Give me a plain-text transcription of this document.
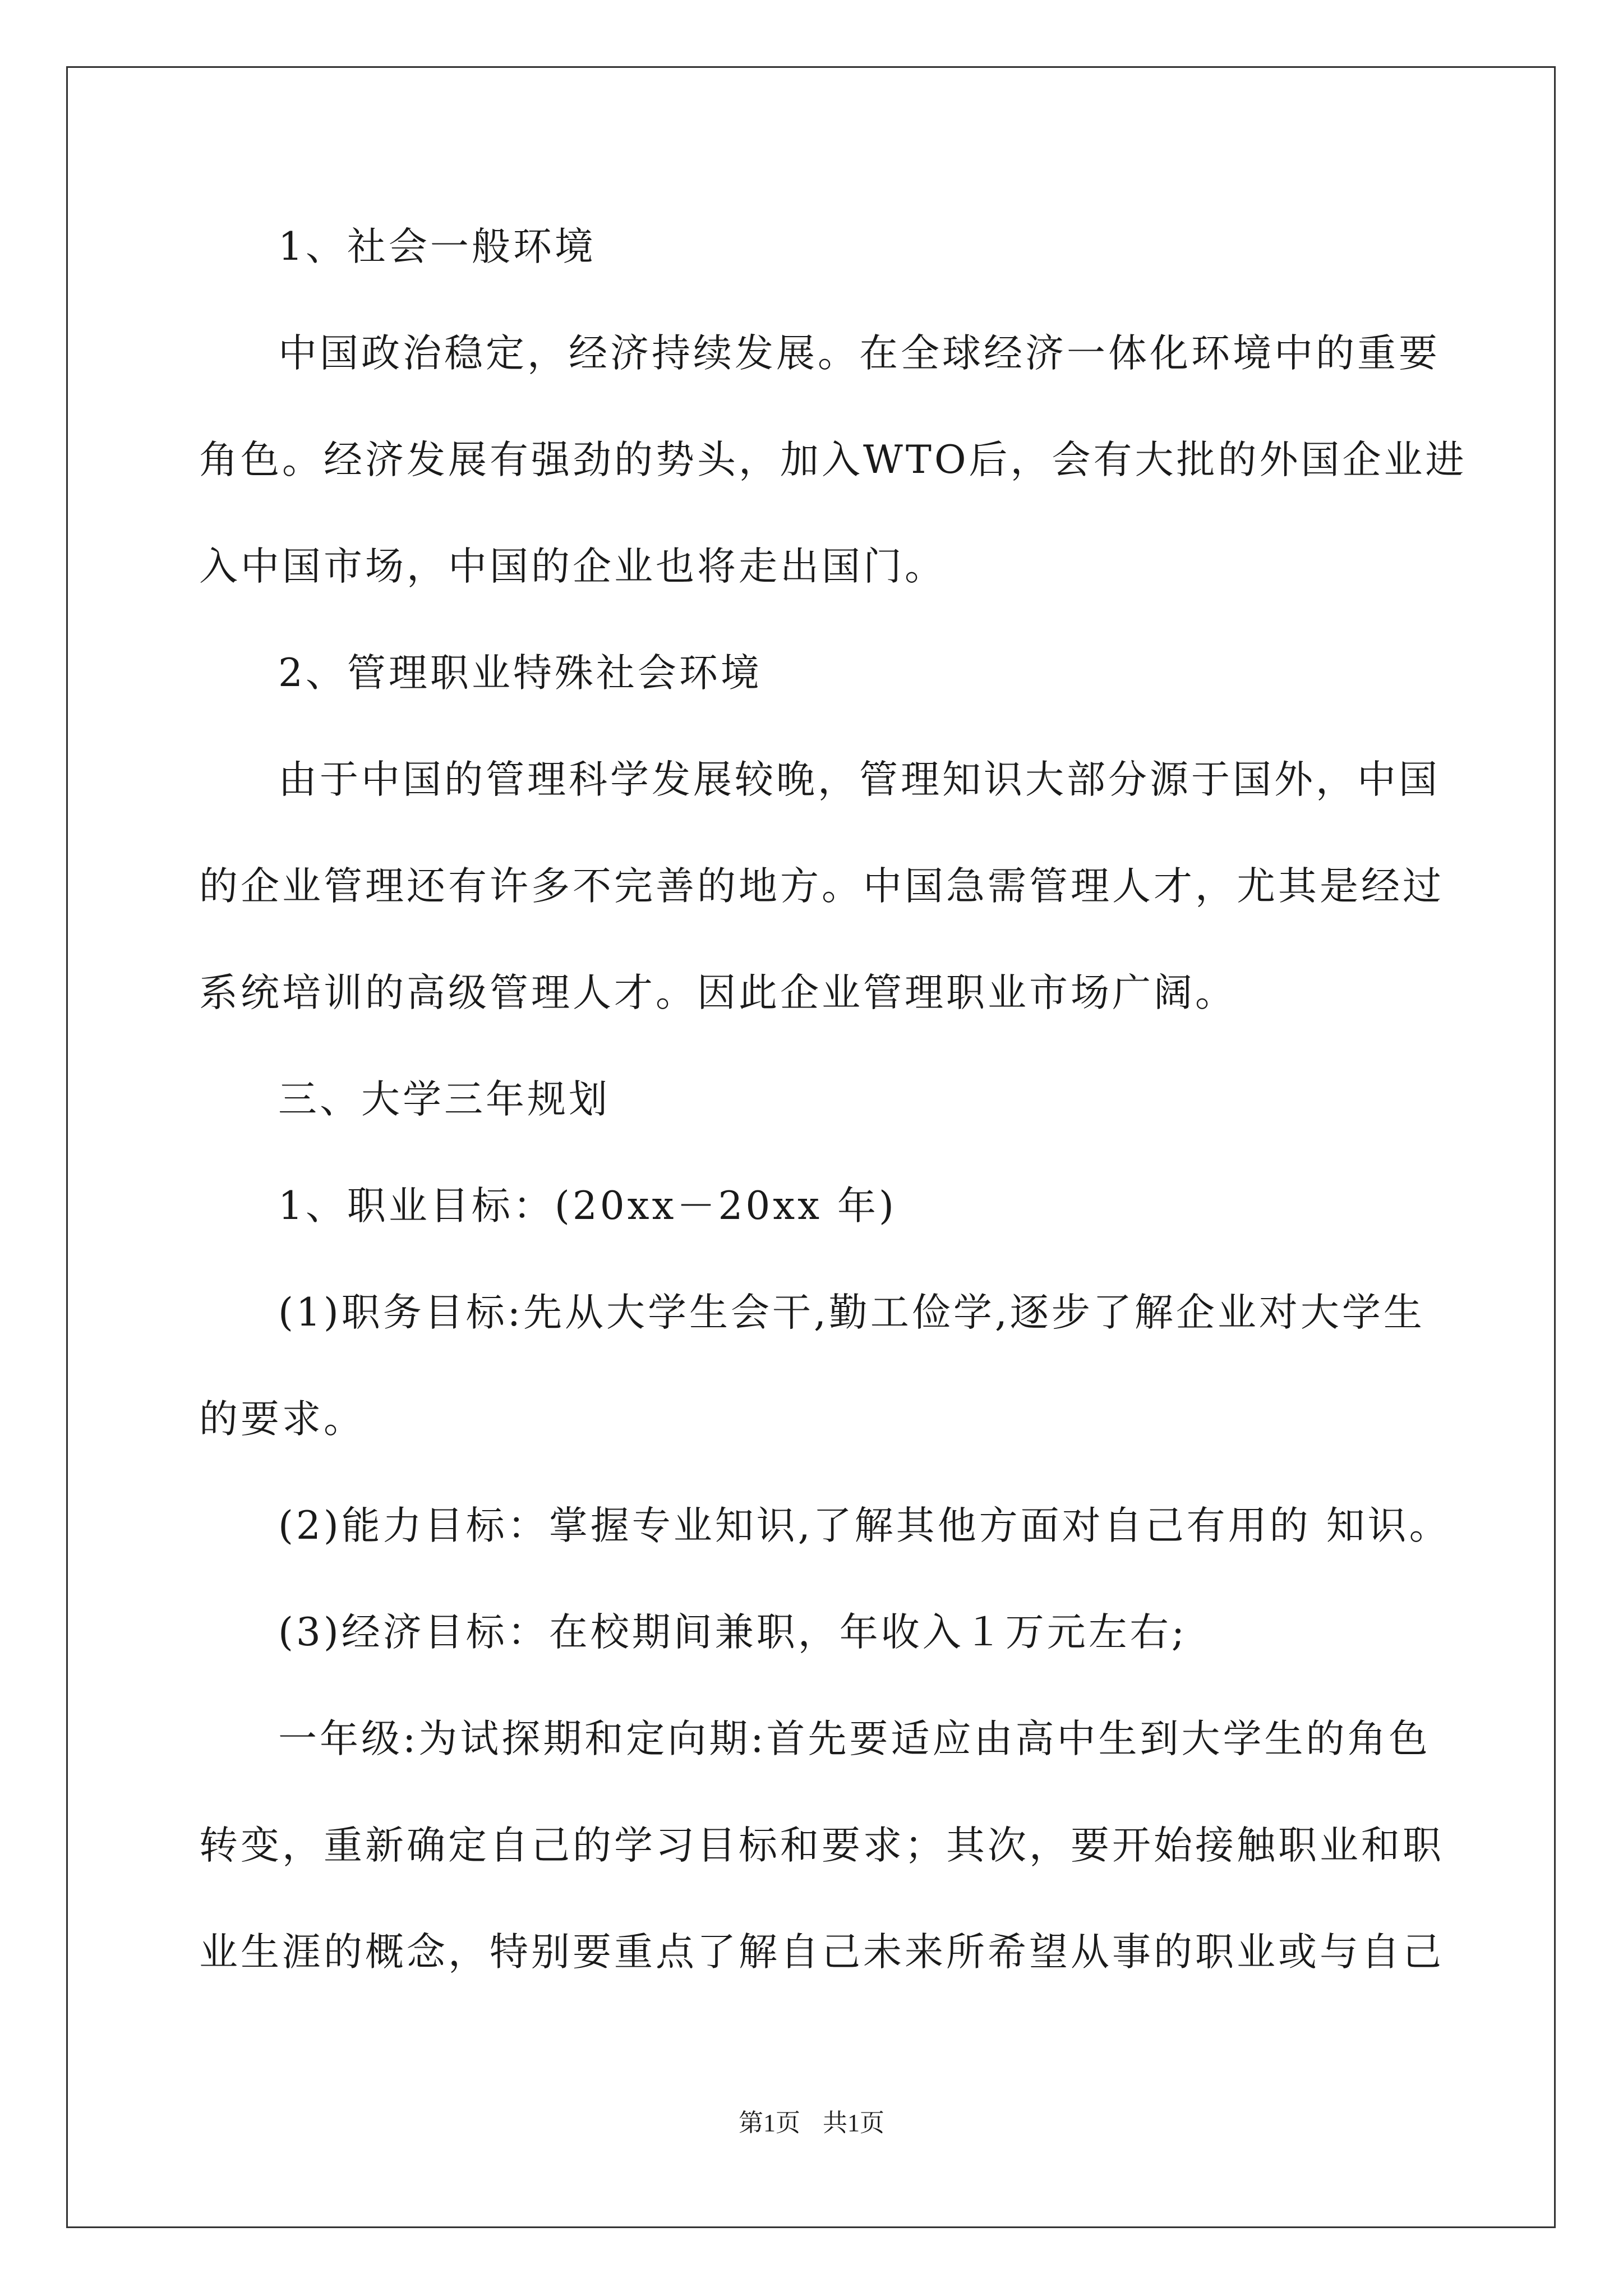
1、社会一般环境
中国政治稳定，经济持续发展。在全球经济一体化环境中的重要
角色。经济发展有强劲的势头，加入WTO后，会有大批的外国企业进
入中国市场，中国的企业也将走出国门。
2、管理职业特殊社会环境
由于中国的管理科学发展较晚，管理知识大部分源于国外，中国
的企业管理还有许多不完善的地方。中国急需管理人才，尤其是经过
系统培训的高级管理人才。因此企业管理职业市场广阔。
三、大学三年规划
1、职业目标：(20xx－20xx 年)
(1)职务目标:先从大学生会干,勤工俭学,逐步了解企业对大学生
的要求。
(2)能力目标：掌握专业知识,了解其他方面对自己有用的 知识。
(3)经济目标：在校期间兼职，年收入１万元左右;
一年级:为试探期和定向期:首先要适应由高中生到大学生的角色
转变，重新确定自己的学习目标和要求；其次，要开始接触职业和职
业生涯的概念，特别要重点了解自己未来所希望从事的职业或与自己
第1页 共1页
